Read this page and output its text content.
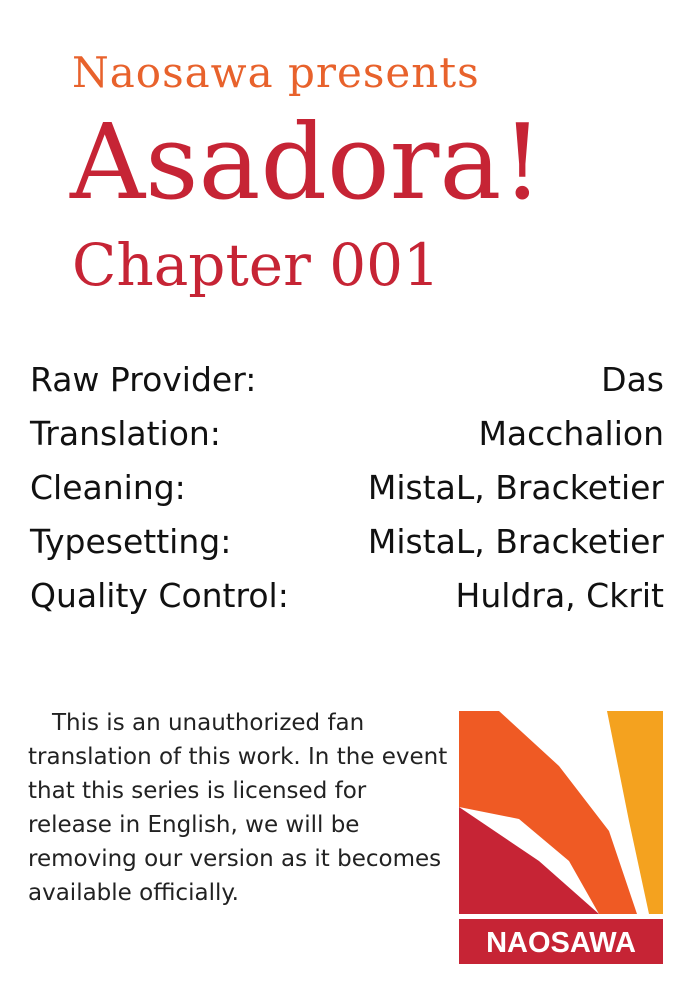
Naosawa presents
Asadora!
Chapter 001
Raw Provider:	Das
Translation:	Macchalion
Cleaning:	MistaL, Bracketier
Typesetting:	MistaL, Bracketier
Quality Control:	Huldra, Ckrit
This is an unauthorized fan translation of this work. In the event that this series is licensed for release in English, we will be removing our version as it becomes available officially.
NAOSAWA
